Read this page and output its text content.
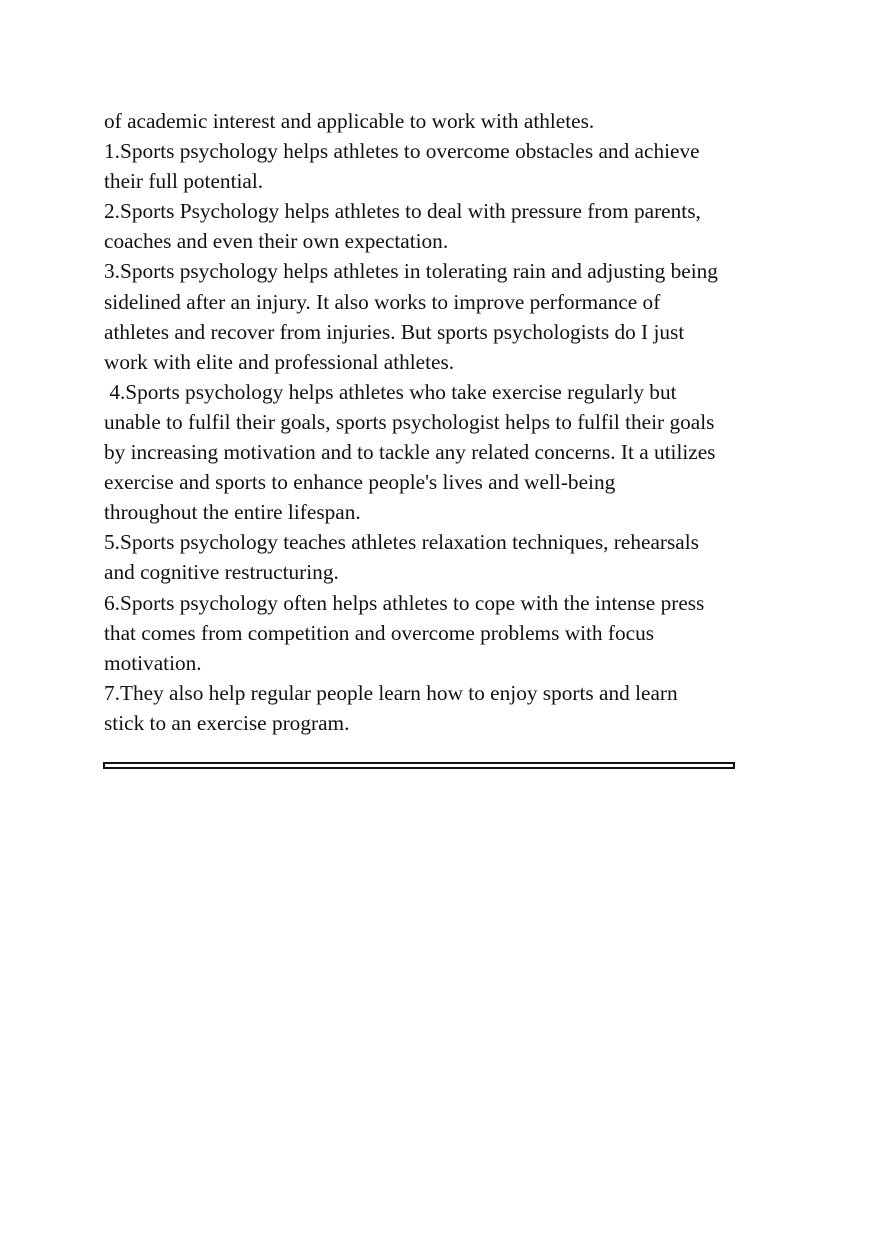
of academic interest and applicable to work with athletes.
1.Sports psychology helps athletes to overcome obstacles and achieve
their full potential.
2.Sports Psychology helps athletes to deal with pressure from parents,
coaches and even their own expectation.
3.Sports psychology helps athletes in tolerating rain and adjusting being
sidelined after an injury. It also works to improve performance of
athletes and recover from injuries. But sports psychologists do I just
work with elite and professional athletes.
4.Sports psychology helps athletes who take exercise regularly but
unable to fulfil their goals, sports psychologist helps to fulfil their goals
by increasing motivation and to tackle any related concerns. It a utilizes
exercise and sports to enhance people's lives and well-being
throughout the entire lifespan.
5.Sports psychology teaches athletes relaxation techniques, rehearsals
and cognitive restructuring.
6.Sports psychology often helps athletes to cope with the intense press
that comes from competition and overcome problems with focus
motivation.
7.They also help regular people learn how to enjoy sports and learn
stick to an exercise program.
